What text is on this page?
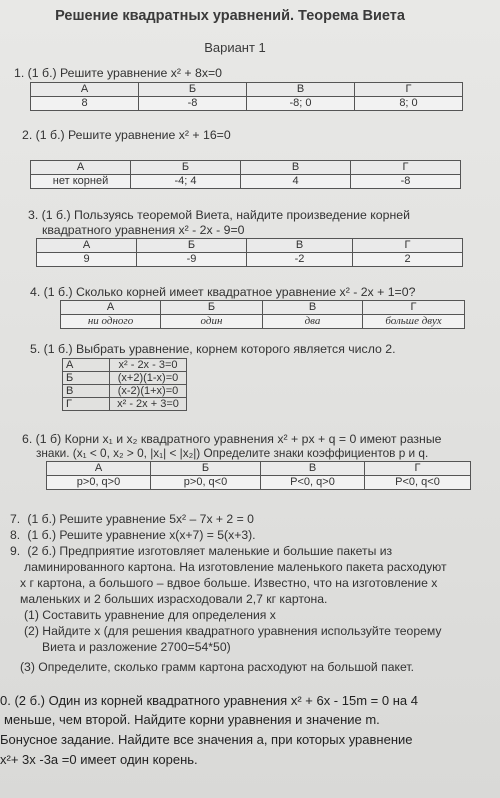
Решение квадратных уравнений. Теорема Виета
Вариант 1
1. (1 б.) Решите уравнение x² + 8x=0
А	Б	В	Г
8	-8	-8; 0	8; 0
2. (1 б.) Решите уравнение x² + 16=0
А	Б	В	Г
нет корней	-4; 4	4	-8
3. (1 б.) Пользуясь теоремой Виета, найдите произведение корней
квадратного уравнения x² - 2x - 9=0
А	Б	В	Г
9	-9	-2	2
4. (1 б.) Сколько корней имеет квадратное уравнение x² - 2x + 1=0?
А	Б	В	Г
ни одного	один	два	больше двух
5. (1 б.) Выбрать уравнение, корнем которого является число 2.
А	x² - 2x - 3=0
Б	(x+2)(1-x)=0
В	(x-2)(1+x)=0
Г	x² - 2x + 3=0
6. (1 б) Корни x₁ и x₂ квадратного уравнения x² + px + q = 0 имеют разные
знаки. (x₁ < 0, x₂ > 0, |x₁| < |x₂|) Определите знаки коэффициентов p и q.
А	Б	В	Г
p>0, q>0	p>0, q<0	P<0, q>0	P<0, q<0
7. (1 б.) Решите уравнение 5x² – 7x + 2 = 0
8. (1 б.) Решите уравнение x(x+7) = 5(x+3).
9. (2 б.) Предприятие изготовляет маленькие и большие пакеты из
ламинированного картона. На изготовление маленького пакета расходуют
x г картона, а большого – вдвое больше. Известно, что на изготовление x
маленьких и 2 больших израсходовали 2,7 кг картона.
(1) Составить уравнение для определения x
(2) Найдите x (для решения квадратного уравнения используйте теорему
Виета и разложение 2700=54*50)
(3) Определите, сколько грамм картона расходуют на большой пакет.
0. (2 б.) Один из корней квадратного уравнения x² + 6x - 15m = 0 на 4
меньше, чем второй. Найдите корни уравнения и значение m.
Бонусное задание. Найдите все значения a, при которых уравнение
x²+ 3x -3a =0 имеет один корень.
